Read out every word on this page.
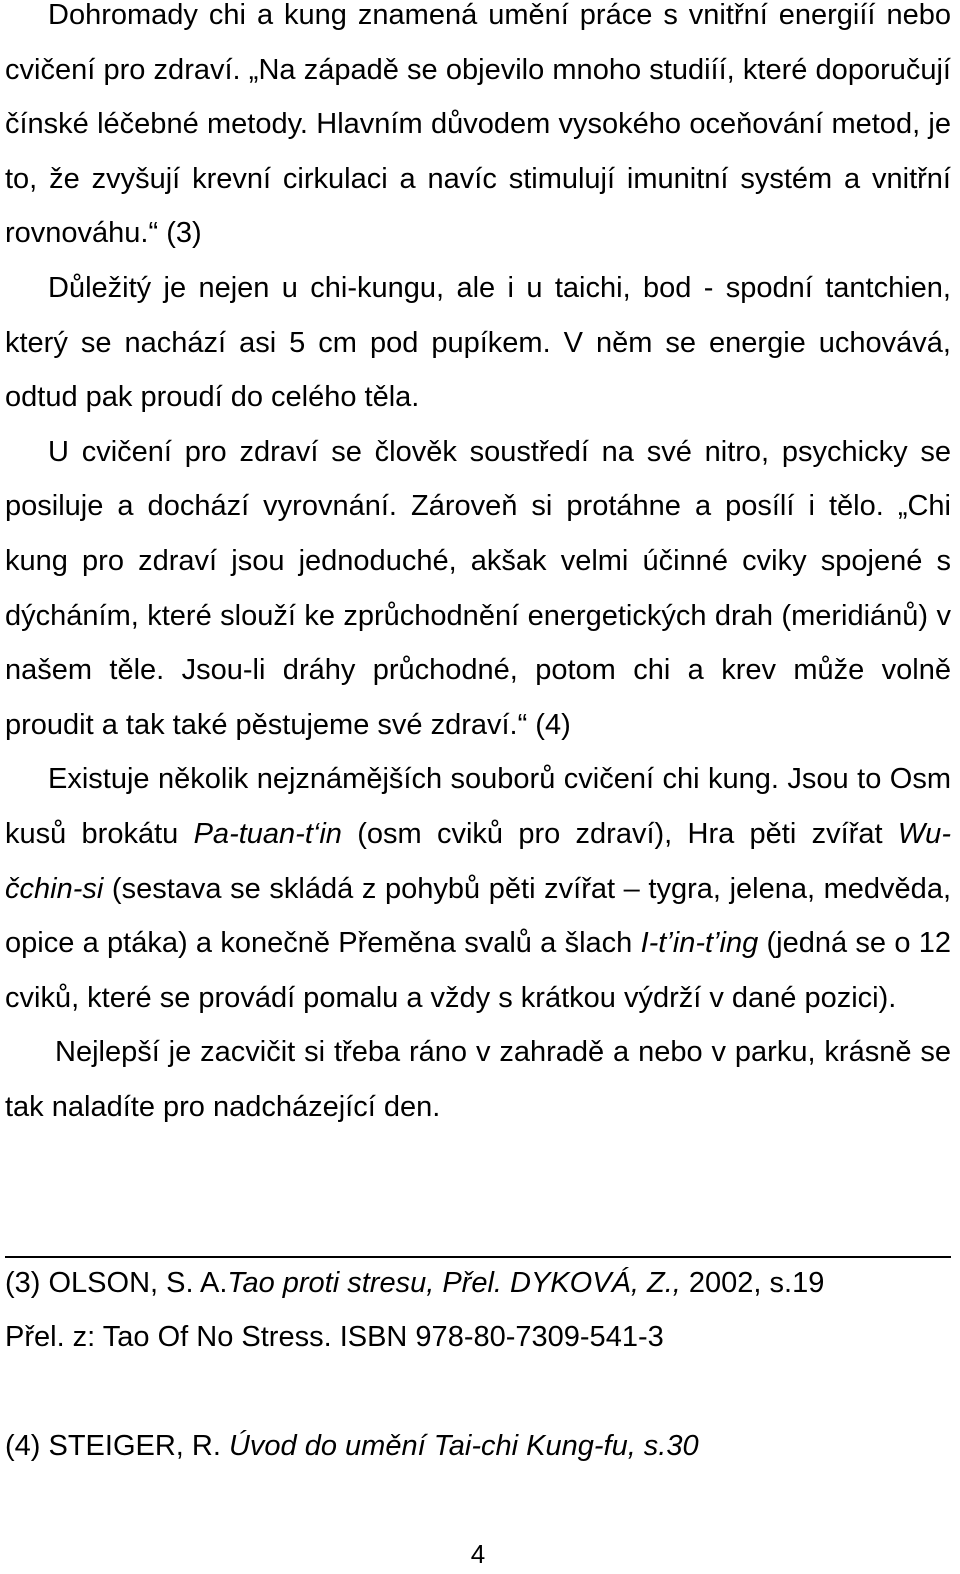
Dohromady chi a kung znamená umění práce s vnitřní energiíí nebo cvičení pro zdraví. „Na západě se objevilo mnoho studiíí, které doporučují čínské léčebné metody. Hlavním důvodem vysokého oceňování metod, je to, že zvyšují krevní cirkulaci a navíc stimulují imunitní systém a vnitřní rovnováhu.“ (3)

Důležitý je nejen u chi-kungu, ale i u taichi, bod - spodní tantchien, který se nachází asi 5 cm pod pupíkem. V něm se energie uchovává, odtud pak proudí do celého těla.

U cvičení pro zdraví se člověk soustředí na své nitro, psychicky se posiluje a dochází vyrovnání. Zároveň si protáhne a posílí i tělo. „Chi kung pro zdraví jsou jednoduché, akšak velmi účinné cviky spojené s dýcháním, které slouží ke zprůchodnění energetických drah (meridiánů) v našem těle. Jsou-li dráhy průchodné, potom chi a krev může volně proudit a tak také pěstujeme své zdraví.“ (4)

Existuje několik nejznámějších souborů cvičení chi kung. Jsou to Osm kusů brokátu Pa-tuan-t‘in (osm cviků pro zdraví), Hra pěti zvířat Wu-čchin-si (sestava se skládá z pohybů pěti zvířat – tygra, jelena, medvěda, opice a ptáka) a konečně Přeměna svalů a šlach I-t’in-t’ing (jedná se o 12 cviků, které se provádí pomalu a vždy s krátkou výdrží v dané pozici).

Nejlepší je zacvičit si třeba ráno v zahradě a nebo v parku, krásně se tak naladíte pro nadcházející den.

(3) OLSON, S. A.Tao proti stresu, Přel. DYKOVÁ, Z., 2002, s.19

Přel. z: Tao Of No Stress. ISBN 978-80-7309-541-3

(4) STEIGER, R. Úvod do umění Tai-chi Kung-fu, s.30

4
